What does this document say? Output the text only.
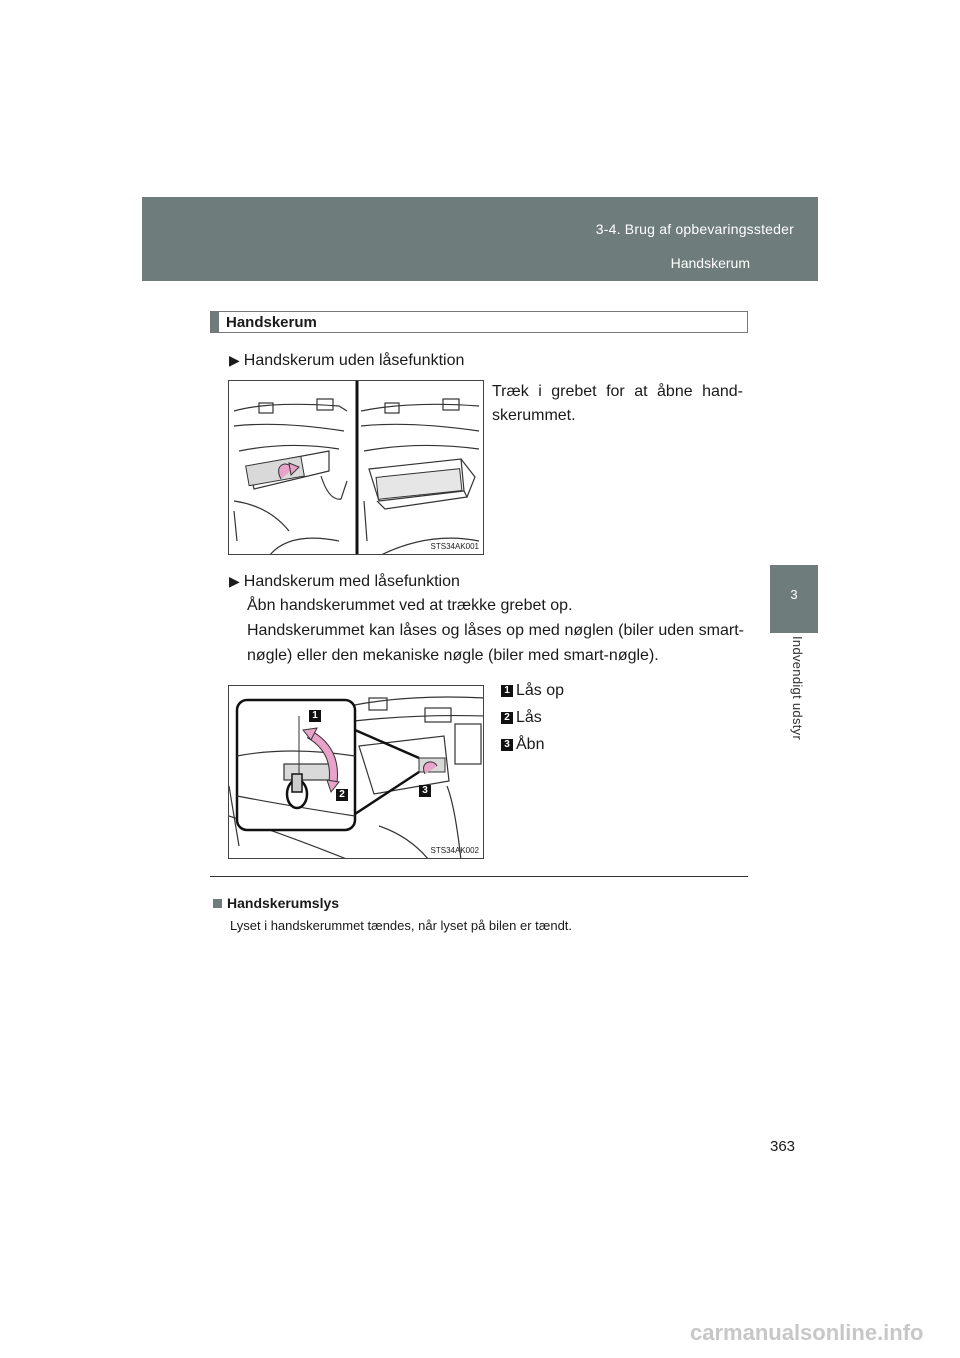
3-4. Brug af opbevaringssteder
Handskerum
3
Indvendigt udstyr
Handskerum
▶ Handskerum uden låsefunktion
Træk i grebet for at åbne hand-
skerummet.
STS34AK001
▶ Handskerum med låsefunktion
Åbn handskerummet ved at trække grebet op.
Handskerummet kan låses og låses op med nøglen (biler uden smart-nøgle) eller den mekaniske nøgle (biler med smart-nøgle).
1
2	3
STS34AK002
1 Lås op
2 Lås
3 Åbn
Handskerumslys
Lyset i handskerummet tændes, når lyset på bilen er tændt.
363
carmanualsonline.info
